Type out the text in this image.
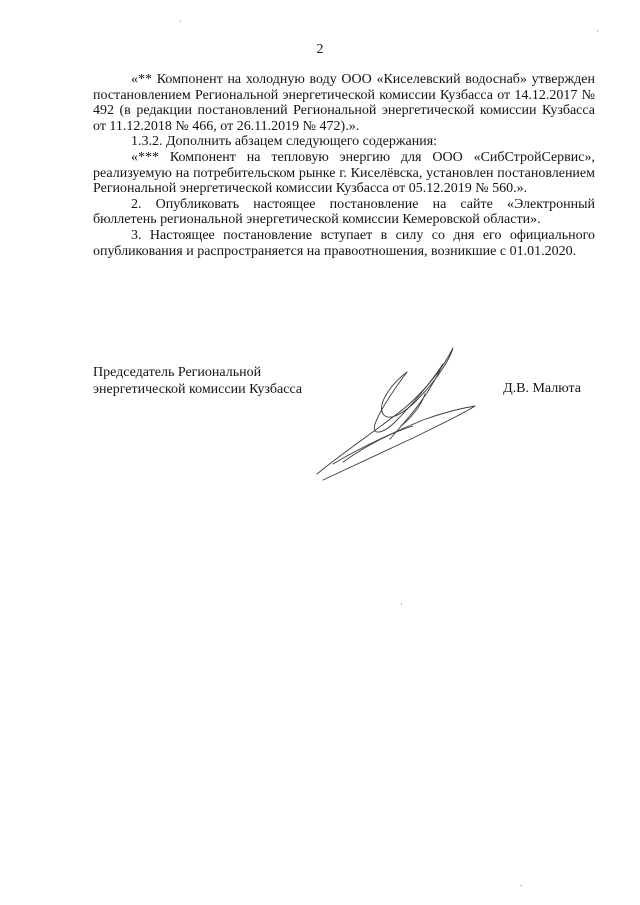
2

«** Компонент на холодную воду ООО «Киселевский водоснаб» утвержден постановлением Региональной энергетической комиссии Кузбасса от 14.12.2017 № 492 (в редакции постановлений Региональной энергетической комиссии Кузбасса от 11.12.2018 № 466, от 26.11.2019 № 472).».

1.3.2. Дополнить абзацем следующего содержания:

«*** Компонент на тепловую энергию для ООО «СибСтройСервис», реализуемую на потребительском рынке г. Киселёвска, установлен постановлением Региональной энергетической комиссии Кузбасса от 05.12.2019 № 560.».

2. Опубликовать настоящее постановление на сайте «Электронный бюллетень региональной энергетической комиссии Кемеровской области».

3. Настоящее постановление вступает в силу со дня его официального опубликования и распространяется на правоотношения, возникшие с 01.01.2020.

Председатель Региональной
энергетической комиссии Кузбасса	Д.В. Малюта
